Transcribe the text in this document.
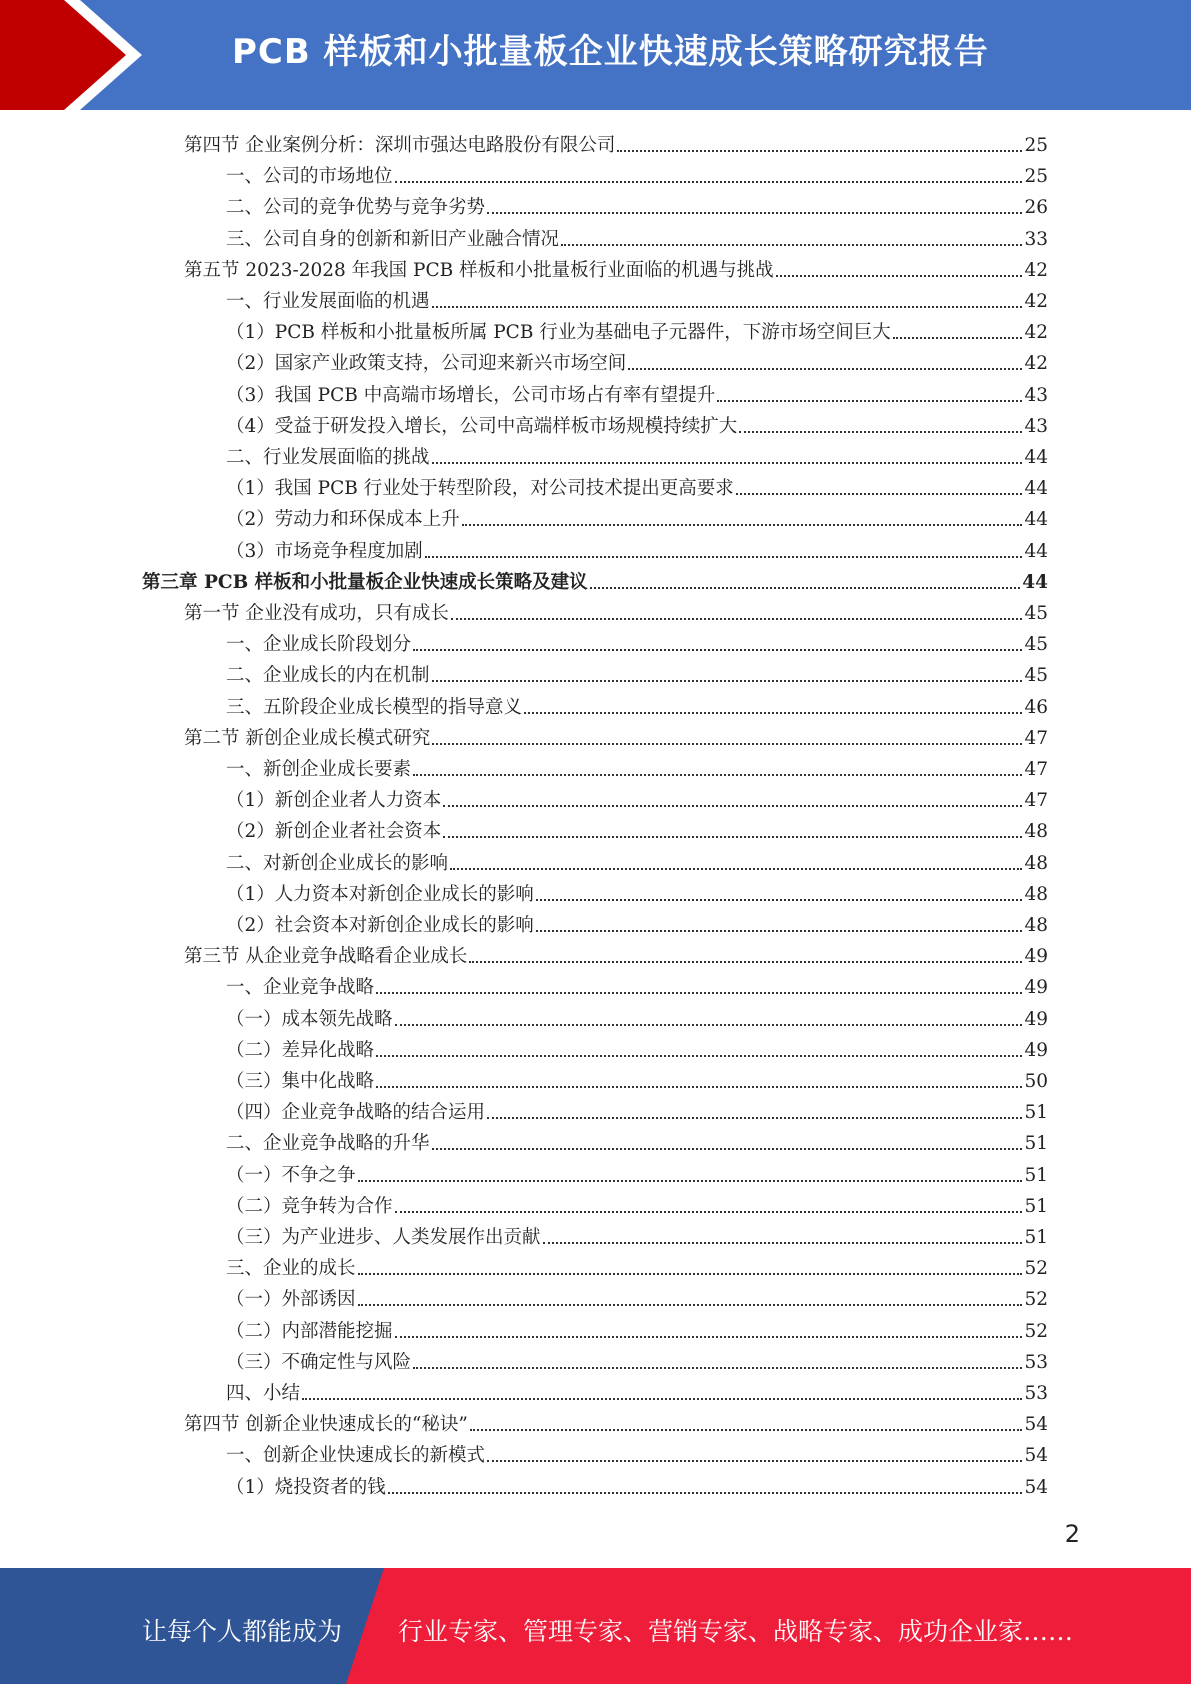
PCB 样板和小批量板企业快速成长策略研究报告
第四节 企业案例分析：深圳市强达电路股份有限公司	25
一、公司的市场地位	25
二、公司的竞争优势与竞争劣势	26
三、公司自身的创新和新旧产业融合情况	33
第五节 2023-2028 年我国 PCB 样板和小批量板行业面临的机遇与挑战	42
一、行业发展面临的机遇	42
（1）PCB 样板和小批量板所属 PCB 行业为基础电子元器件，下游市场空间巨大	42
（2）国家产业政策支持，公司迎来新兴市场空间	42
（3）我国 PCB 中高端市场增长，公司市场占有率有望提升	43
（4）受益于研发投入增长，公司中高端样板市场规模持续扩大	43
二、行业发展面临的挑战	44
（1）我国 PCB 行业处于转型阶段，对公司技术提出更高要求	44
（2）劳动力和环保成本上升	44
（3）市场竞争程度加剧	44
第三章 PCB 样板和小批量板企业快速成长策略及建议	44
第一节 企业没有成功，只有成长	45
一、企业成长阶段划分	45
二、企业成长的内在机制	45
三、五阶段企业成长模型的指导意义	46
第二节 新创企业成长模式研究	47
一、新创企业成长要素	47
（1）新创企业者人力资本	47
（2）新创企业者社会资本	48
二、对新创企业成长的影响	48
（1）人力资本对新创企业成长的影响	48
（2）社会资本对新创企业成长的影响	48
第三节 从企业竞争战略看企业成长	49
一、企业竞争战略	49
（一）成本领先战略	49
（二）差异化战略	49
（三）集中化战略	50
（四）企业竞争战略的结合运用	51
二、企业竞争战略的升华	51
（一）不争之争	51
（二）竞争转为合作	51
（三）为产业进步、人类发展作出贡献	51
三、企业的成长	52
（一）外部诱因	52
（二）内部潜能挖掘	52
（三）不确定性与风险	53
四、小结	53
第四节 创新企业快速成长的“秘诀”	54
一、创新企业快速成长的新模式	54
（1）烧投资者的钱	54
2
让每个人都能成为 行业专家、管理专家、营销专家、战略专家、成功企业家……
